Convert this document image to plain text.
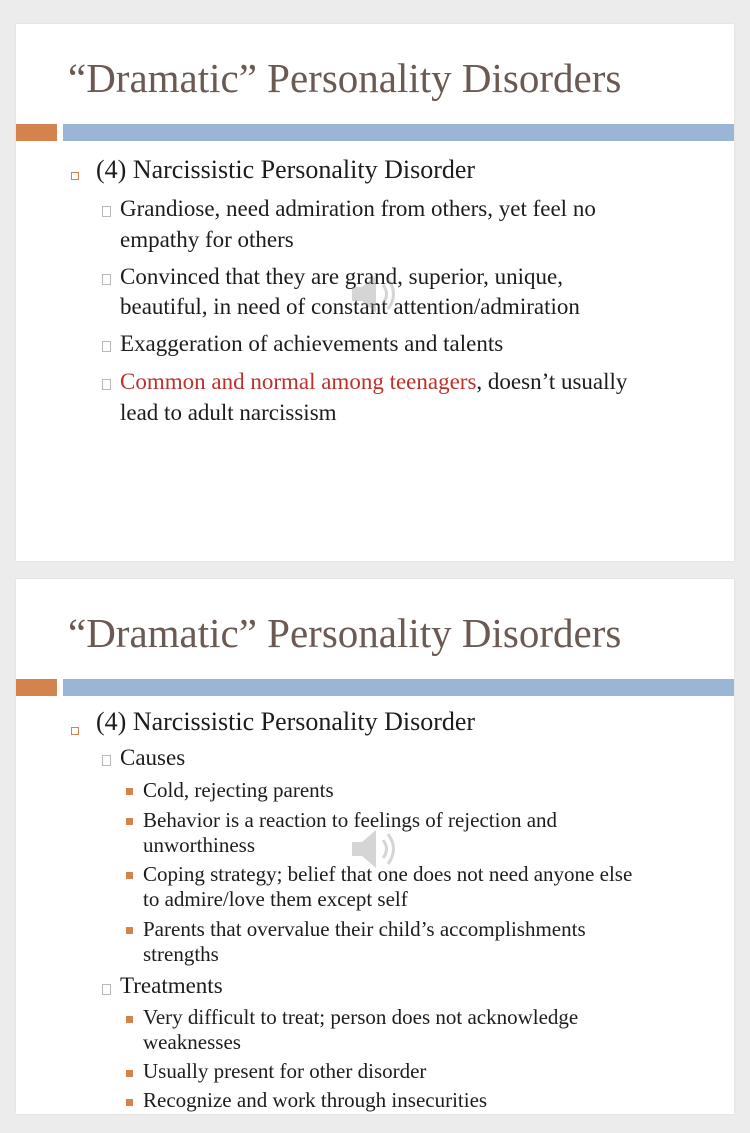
“Dramatic” Personality Disorders
(4) Narcissistic Personality Disorder
Grandiose, need admiration from others, yet feel no
empathy for others
Convinced that they are grand, superior, unique,
beautiful, in need of constant attention/admiration
Exaggeration of achievements and talents
Common and normal among teenagers, doesn’t usually
lead to adult narcissism
“Dramatic” Personality Disorders
(4) Narcissistic Personality Disorder
Causes
Cold, rejecting parents
Behavior is a reaction to feelings of rejection and
unworthiness
Coping strategy; belief that one does not need anyone else
to admire/love them except self
Parents that overvalue their child’s accomplishments
strengths
Treatments
Very difficult to treat; person does not acknowledge
weaknesses
Usually present for other disorder
Recognize and work through insecurities
